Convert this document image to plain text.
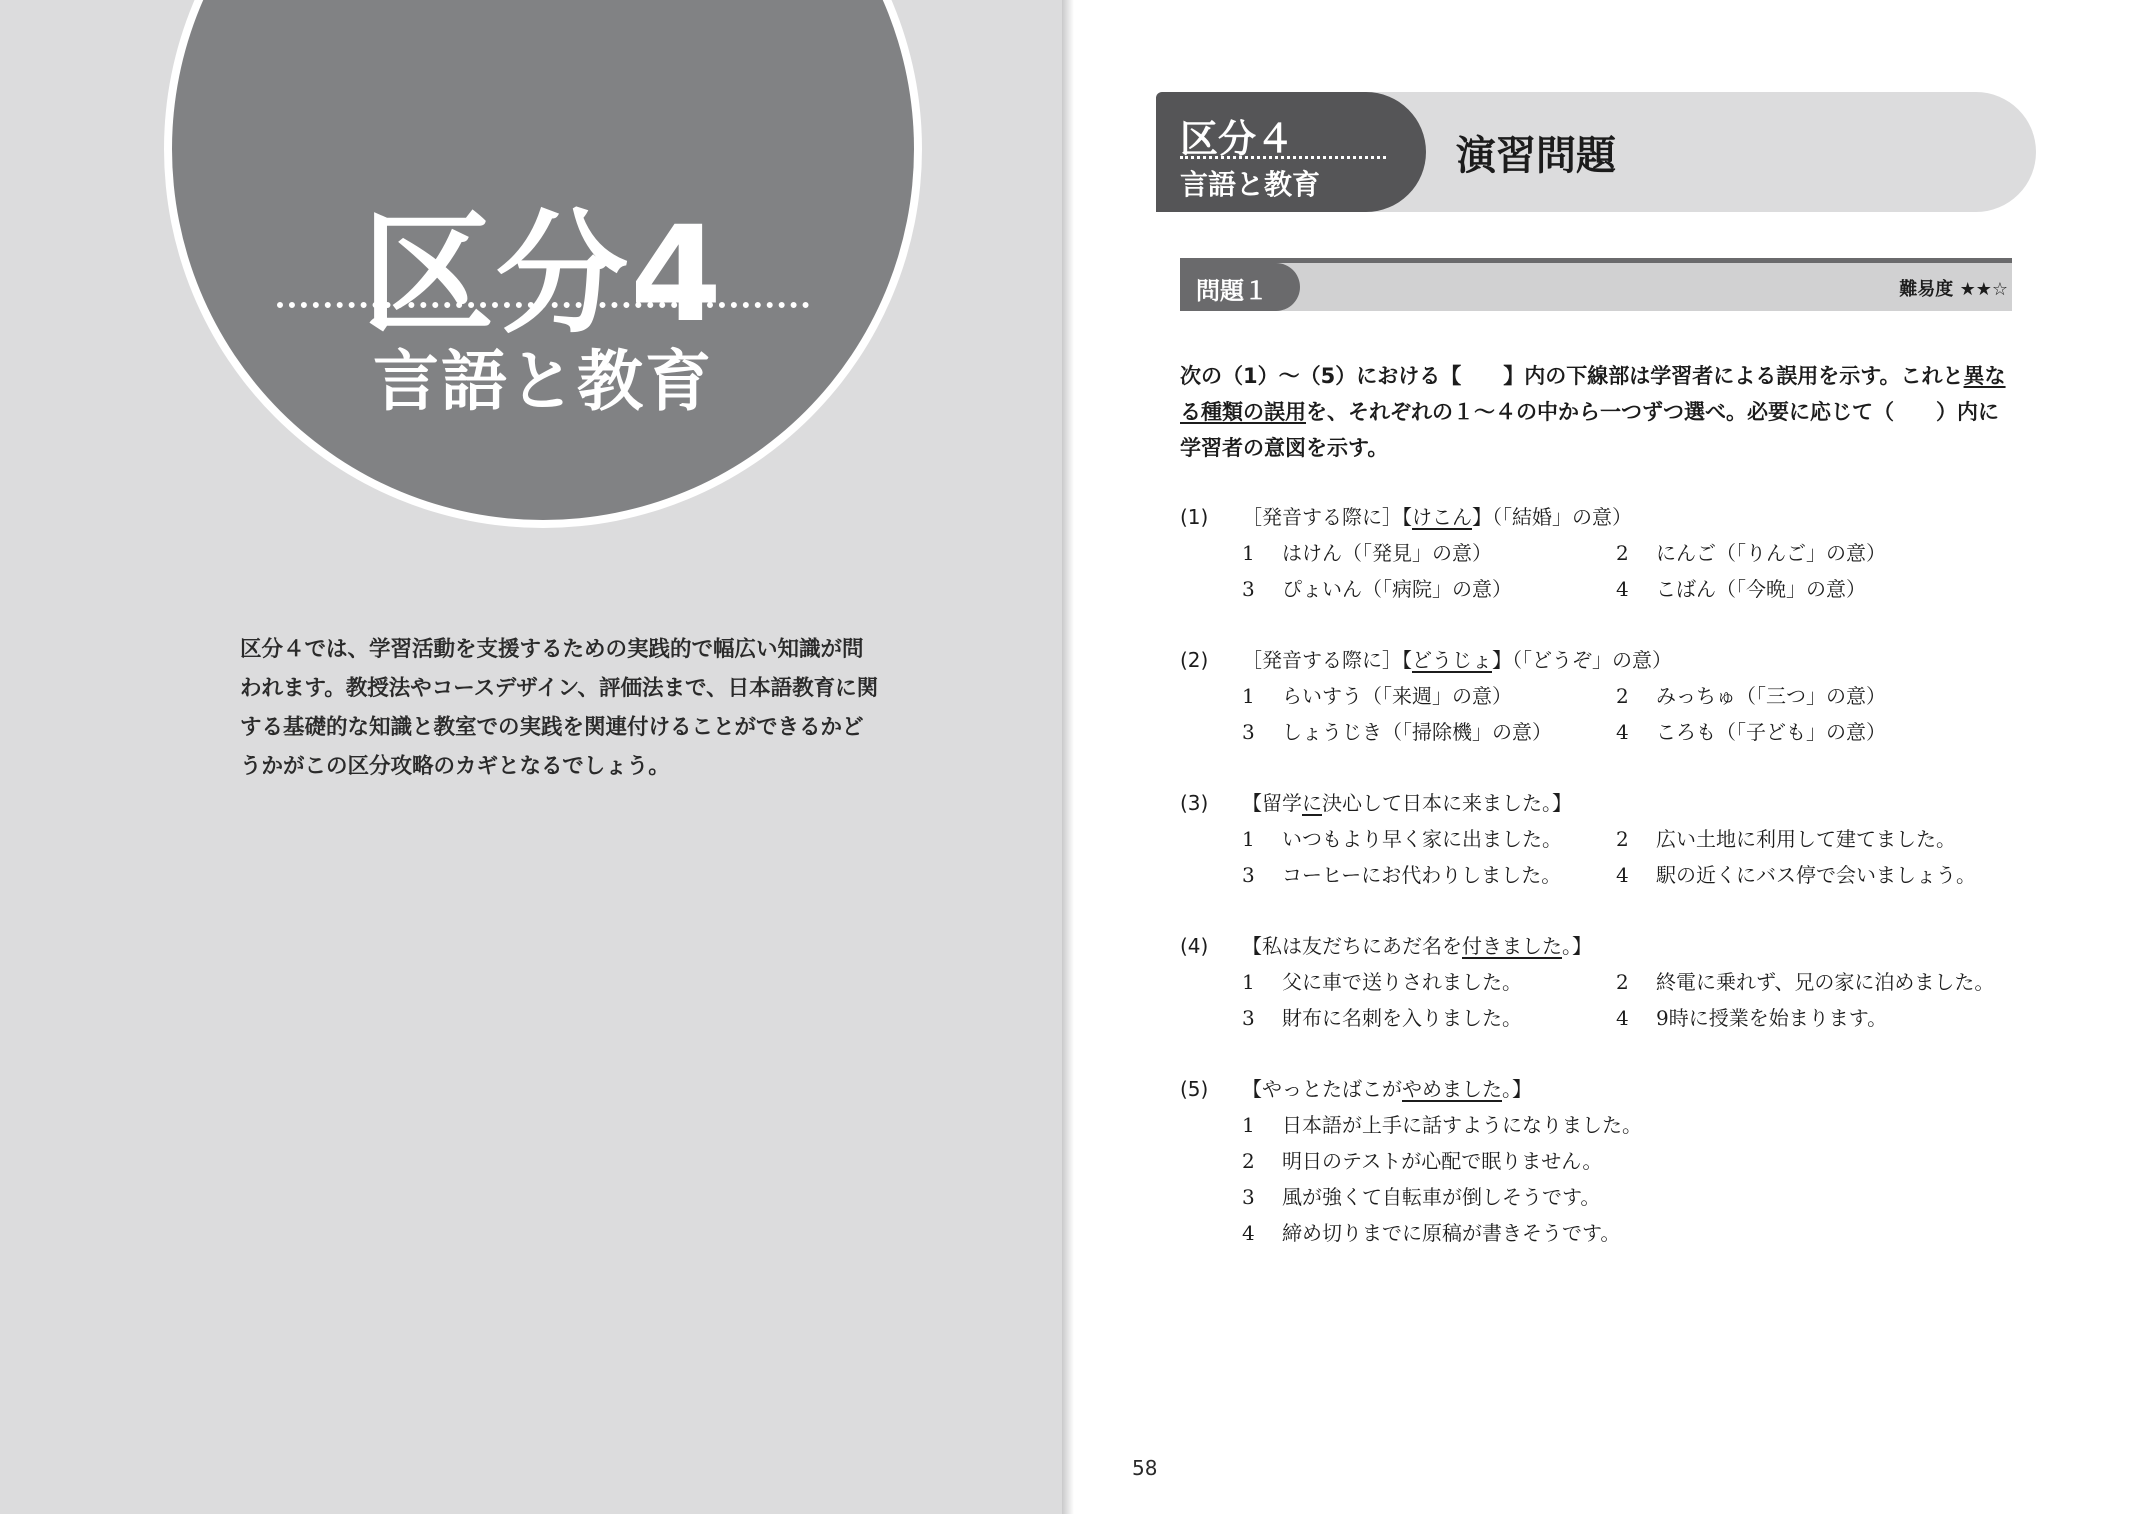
区分4
言語と教育

区分４では、学習活動を支援するための実践的で幅広い知識が問われます。教授法やコースデザイン、評価法まで、日本語教育に関する基礎的な知識と教室での実践を関連付けることができるかどうかがこの区分攻略のカギとなるでしょう。

区分４
言語と教育
演習問題
問題１	難易度 ★★☆

次の（1）～（5）における【　　】内の下線部は学習者による誤用を示す。これと異なる種類の誤用を、それぞれの１～４の中から一つずつ選べ。必要に応じて（　　）内に学習者の意図を示す。

(1) ［発音する際に］【けこん】（「結婚」の意）
1 はけん（「発見」の意）	2 にんご（「りんご」の意）
3 ぴょいん（「病院」の意）	4 こばん（「今晩」の意）
(2) ［発音する際に］【どうじょ】（「どうぞ」の意）
1 らいすう（「来週」の意）	2 みっちゅ（「三つ」の意）
3 しょうじき（「掃除機」の意）	4 ころも（「子ども」の意）
(3) 【留学に決心して日本に来ました。】
1 いつもより早く家に出ました。	2 広い土地に利用して建てました。
3 コーヒーにお代わりしました。	4 駅の近くにバス停で会いましょう。
(4) 【私は友だちにあだ名を付きました。】
1 父に車で送りされました。	2 終電に乗れず、兄の家に泊めました。
3 財布に名刺を入りました。	4 9時に授業を始まります。
(5) 【やっとたばこがやめました。】
1 日本語が上手に話すようになりました。
2 明日のテストが心配で眠りません。
3 風が強くて自転車が倒しそうです。
4 締め切りまでに原稿が書きそうです。
58
